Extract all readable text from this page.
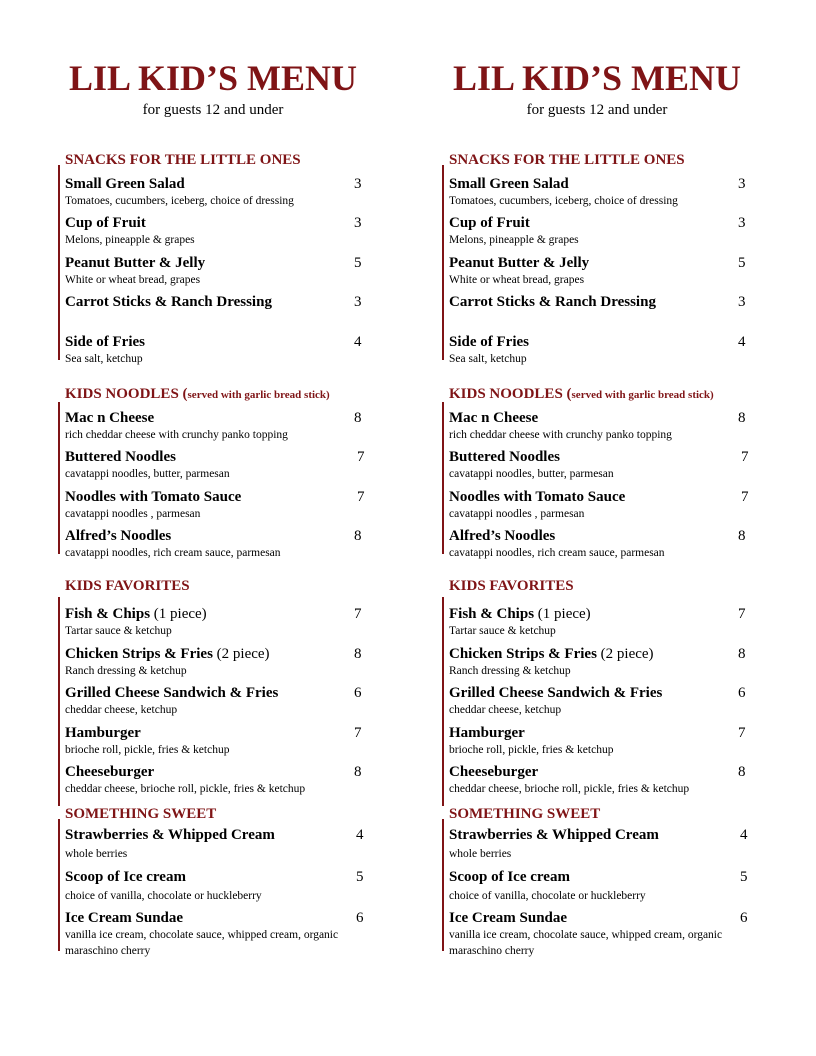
LIL KID’S MENU
for guests 12 and under
SNACKS FOR THE LITTLE ONES
Small Green Salad	3
Tomatoes, cucumbers, iceberg, choice of dressing
Cup of Fruit	3
Melons, pineapple & grapes
Peanut Butter & Jelly	5
White or wheat bread, grapes
Carrot Sticks & Ranch Dressing	3
Side of Fries	4
Sea salt, ketchup
KIDS NOODLES (served with garlic bread stick)
Mac n Cheese	8
rich cheddar cheese with crunchy panko topping
Buttered Noodles	7
cavatappi noodles, butter, parmesan
Noodles with Tomato Sauce	7
cavatappi noodles , parmesan
Alfred’s Noodles	8
cavatappi noodles, rich cream sauce, parmesan
KIDS FAVORITES
Fish & Chips (1 piece)	7
Tartar sauce & ketchup
Chicken Strips & Fries (2 piece)	8
Ranch dressing & ketchup
Grilled Cheese Sandwich & Fries	6
cheddar cheese, ketchup
Hamburger	7
brioche roll, pickle, fries & ketchup
Cheeseburger	8
cheddar cheese, brioche roll, pickle, fries & ketchup
SOMETHING SWEET
Strawberries & Whipped Cream	4
whole berries
Scoop of Ice cream	5
choice of vanilla, chocolate or huckleberry
Ice Cream Sundae	6
vanilla ice cream, chocolate sauce, whipped cream, organic maraschino cherry
LIL KID’S MENU
for guests 12 and under
SNACKS FOR THE LITTLE ONES
Small Green Salad	3
Tomatoes, cucumbers, iceberg, choice of dressing
Cup of Fruit	3
Melons, pineapple & grapes
Peanut Butter & Jelly	5
White or wheat bread, grapes
Carrot Sticks & Ranch Dressing	3
Side of Fries	4
Sea salt, ketchup
KIDS NOODLES (served with garlic bread stick)
Mac n Cheese	8
rich cheddar cheese with crunchy panko topping
Buttered Noodles	7
cavatappi noodles, butter, parmesan
Noodles with Tomato Sauce	7
cavatappi noodles , parmesan
Alfred’s Noodles	8
cavatappi noodles, rich cream sauce, parmesan
KIDS FAVORITES
Fish & Chips (1 piece)	7
Tartar sauce & ketchup
Chicken Strips & Fries (2 piece)	8
Ranch dressing & ketchup
Grilled Cheese Sandwich & Fries	6
cheddar cheese, ketchup
Hamburger	7
brioche roll, pickle, fries & ketchup
Cheeseburger	8
cheddar cheese, brioche roll, pickle, fries & ketchup
SOMETHING SWEET
Strawberries & Whipped Cream	4
whole berries
Scoop of Ice cream	5
choice of vanilla, chocolate or huckleberry
Ice Cream Sundae	6
vanilla ice cream, chocolate sauce, whipped cream, organic maraschino cherry
